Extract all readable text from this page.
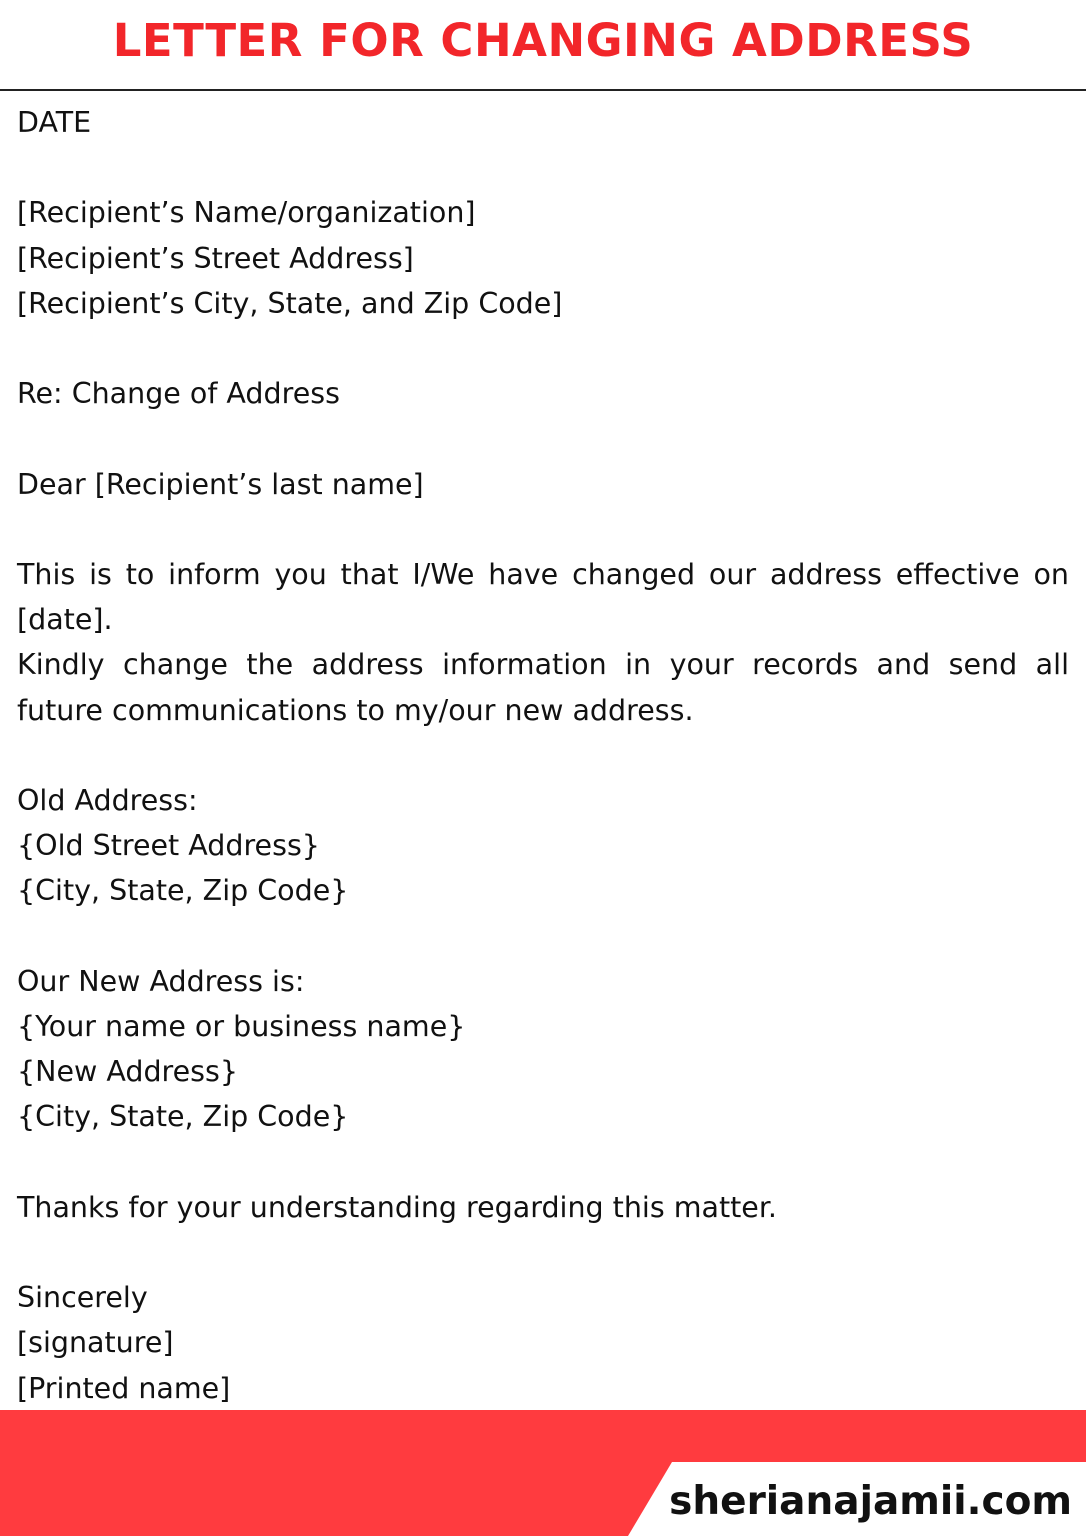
LETTER FOR CHANGING ADDRESS
DATE
[Recipient’s Name/organization]
[Recipient’s Street Address]
[Recipient’s City, State, and Zip Code]
Re: Change of Address
Dear [Recipient’s last name]
This is to inform you that I/We have changed our address effective on [date].
Kindly change the address information in your records and send all future communications to my/our new address.
Old Address:
{Old Street Address}
{City, State, Zip Code}
Our New Address is:
{Your name or business name}
{New Address}
{City, State, Zip Code}
Thanks for your understanding regarding this matter.
Sincerely
[signature]
[Printed name]
sherianajamii.com
